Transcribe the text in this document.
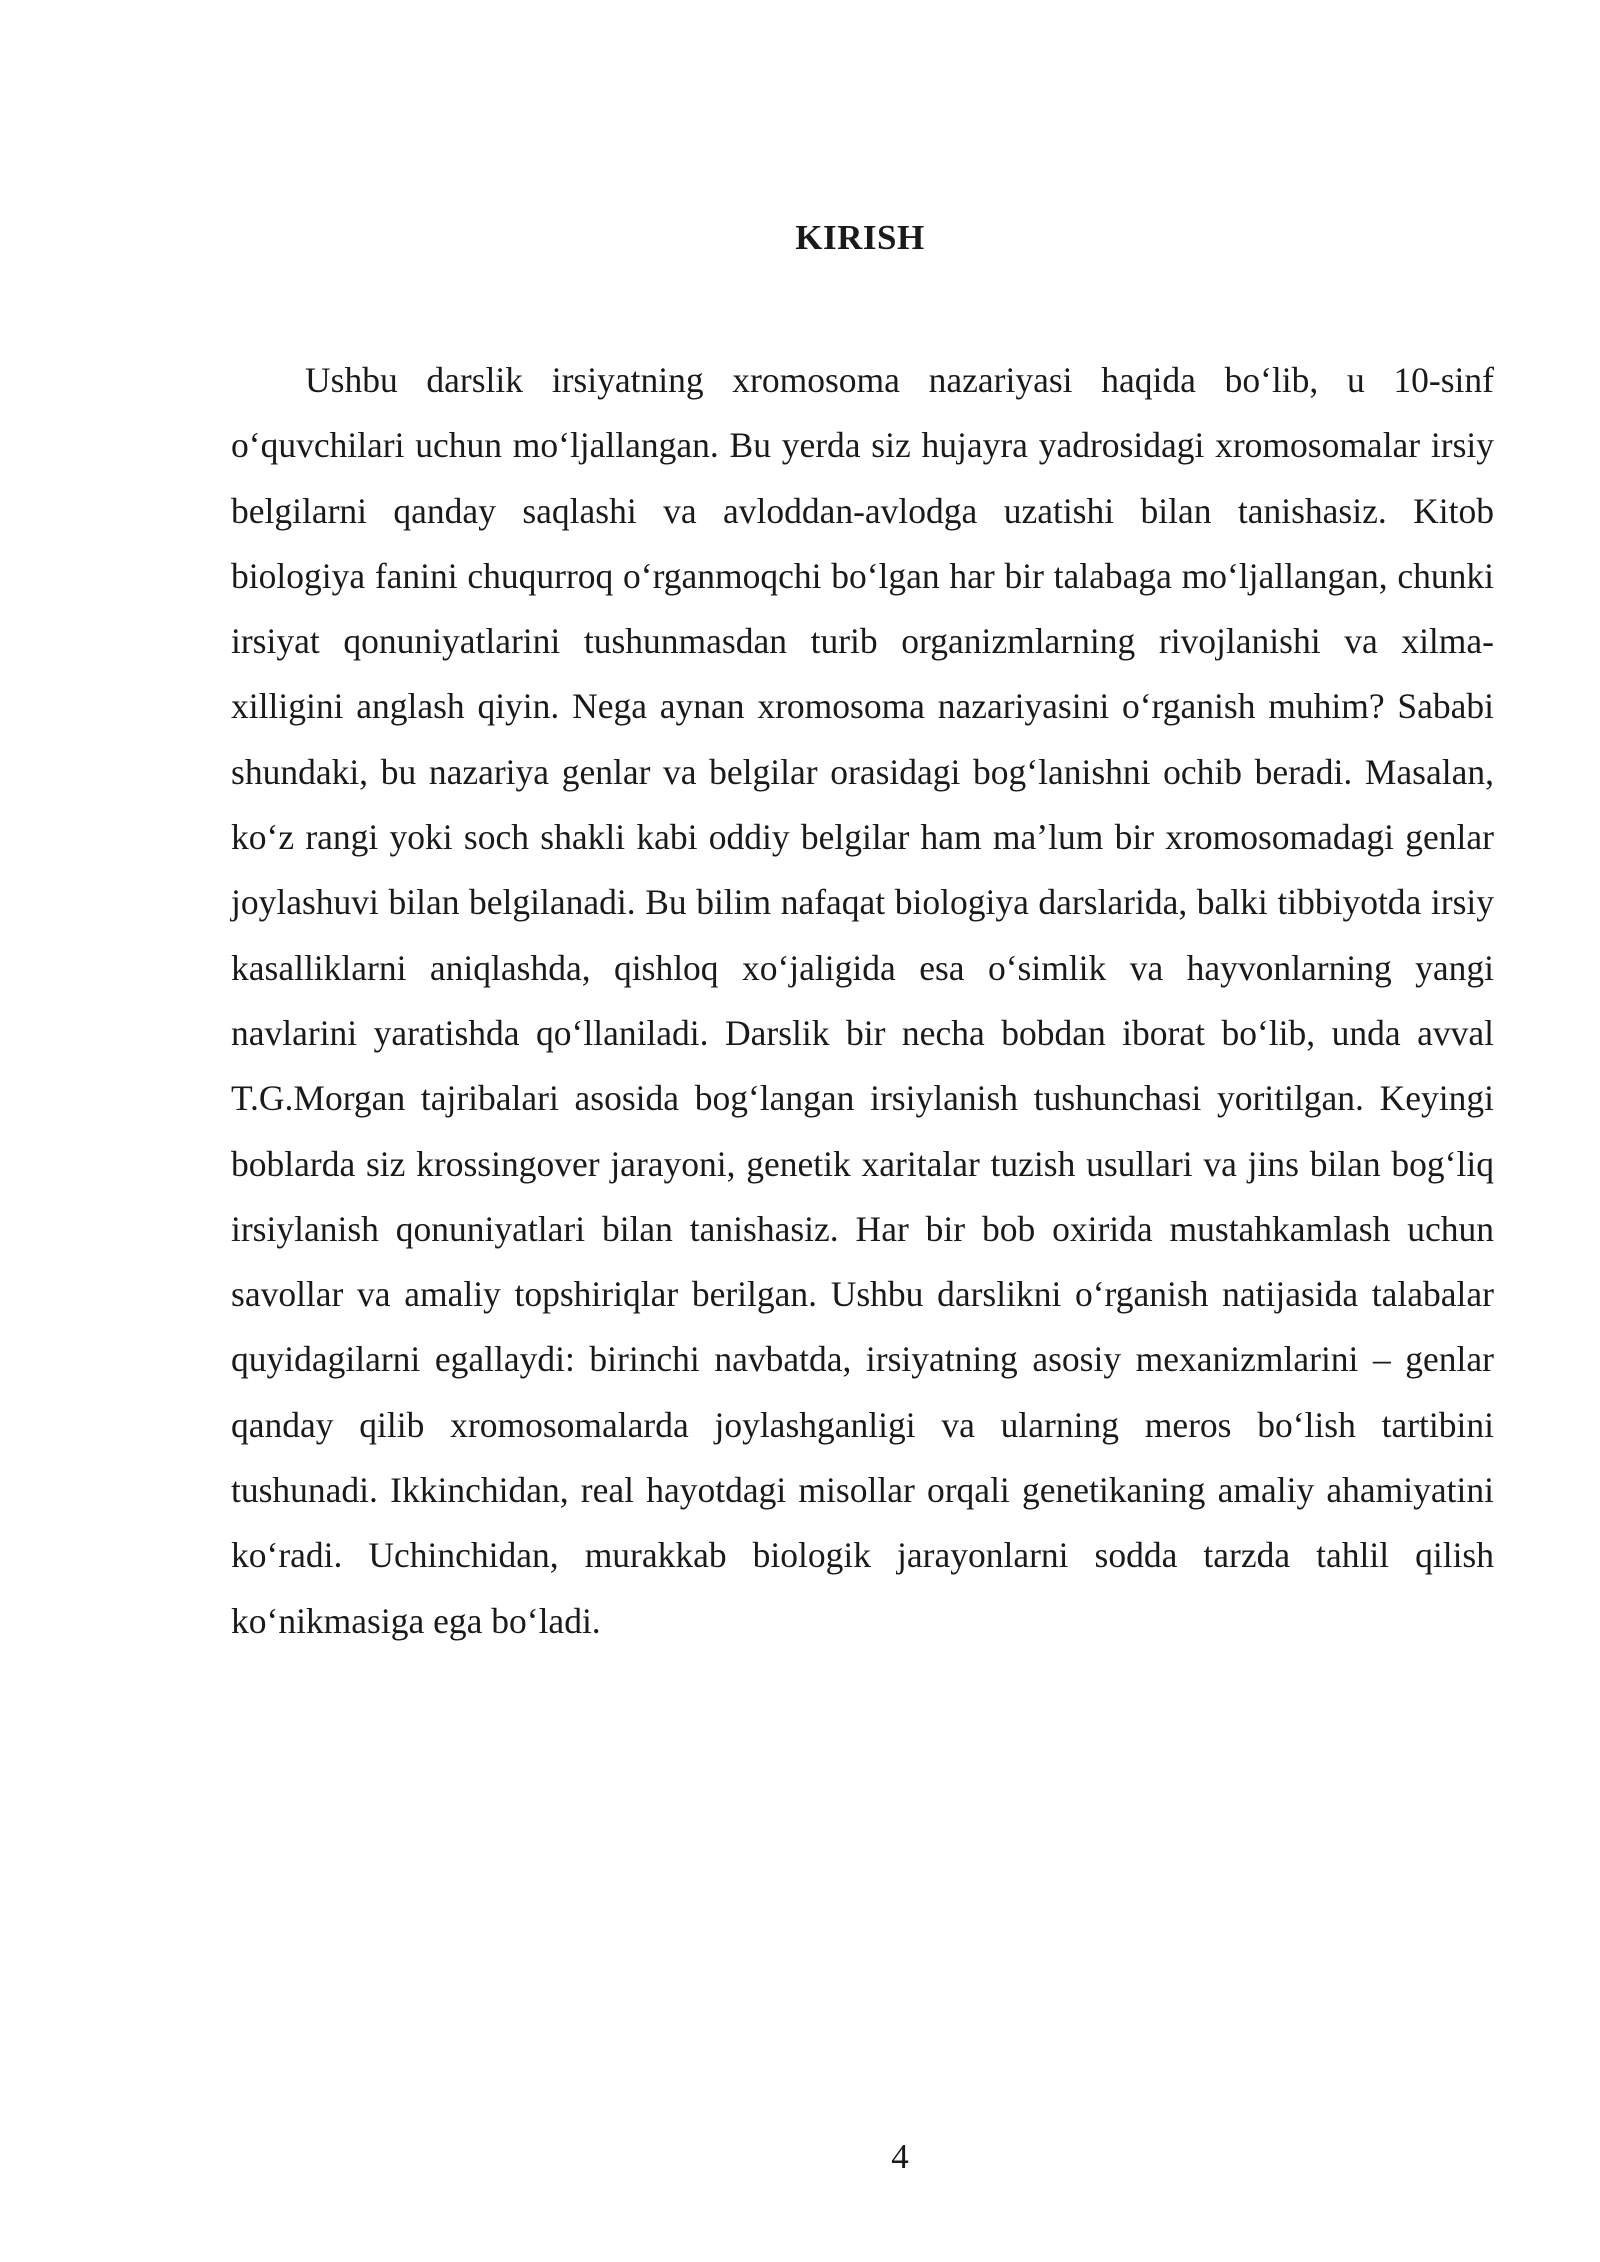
KIRISH

Ushbu darslik irsiyatning xromosoma nazariyasi haqida boʻlib, u 10-sinf oʻquvchilari uchun moʻljallangan. Bu yerda siz hujayra yadrosidagi xromosomalar irsiy belgilarni qanday saqlashi va avloddan-avlodga uzatishi bilan tanishasiz. Kitob biologiya fanini chuqurroq oʻrganmoqchi boʻlgan har bir talabaga moʻljallangan, chunki irsiyat qonuniyatlarini tushunmasdan turib organizmlarning rivojlanishi va xilma-xilligini anglash qiyin. Nega aynan xromosoma nazariyasini oʻrganish muhim? Sababi shundaki, bu nazariya genlar va belgilar orasidagi bogʻlanishni ochib beradi. Masalan, koʻz rangi yoki soch shakli kabi oddiy belgilar ham maʼlum bir xromosomadagi genlar joylashuvi bilan belgilanadi. Bu bilim nafaqat biologiya darslarida, balki tibbiyotda irsiy kasalliklarni aniqlashda, qishloq xoʻjaligida esa oʻsimlik va hayvonlarning yangi navlarini yaratishda qoʻllaniladi. Darslik bir necha bobdan iborat boʻlib, unda avval T.G.Morgan tajribalari asosida bogʻlangan irsiylanish tushunchasi yoritilgan. Keyingi boblarda siz krossingover jarayoni, genetik xaritalar tuzish usullari va jins bilan bogʻliq irsiylanish qonuniyatlari bilan tanishasiz. Har bir bob oxirida mustahkamlash uchun savollar va amaliy topshiriqlar berilgan. Ushbu darslikni oʻrganish natijasida talabalar quyidagilarni egallaydi: birinchi navbatda, irsiyatning asosiy mexanizmlarini – genlar qanday qilib xromosomalarda joylashganligi va ularning meros boʻlish tartibini tushunadi. Ikkinchidan, real hayotdagi misollar orqali genetikaning amaliy ahamiyatini koʻradi. Uchinchidan, murakkab biologik jarayonlarni sodda tarzda tahlil qilish koʻnikmasiga ega boʻladi.

4
